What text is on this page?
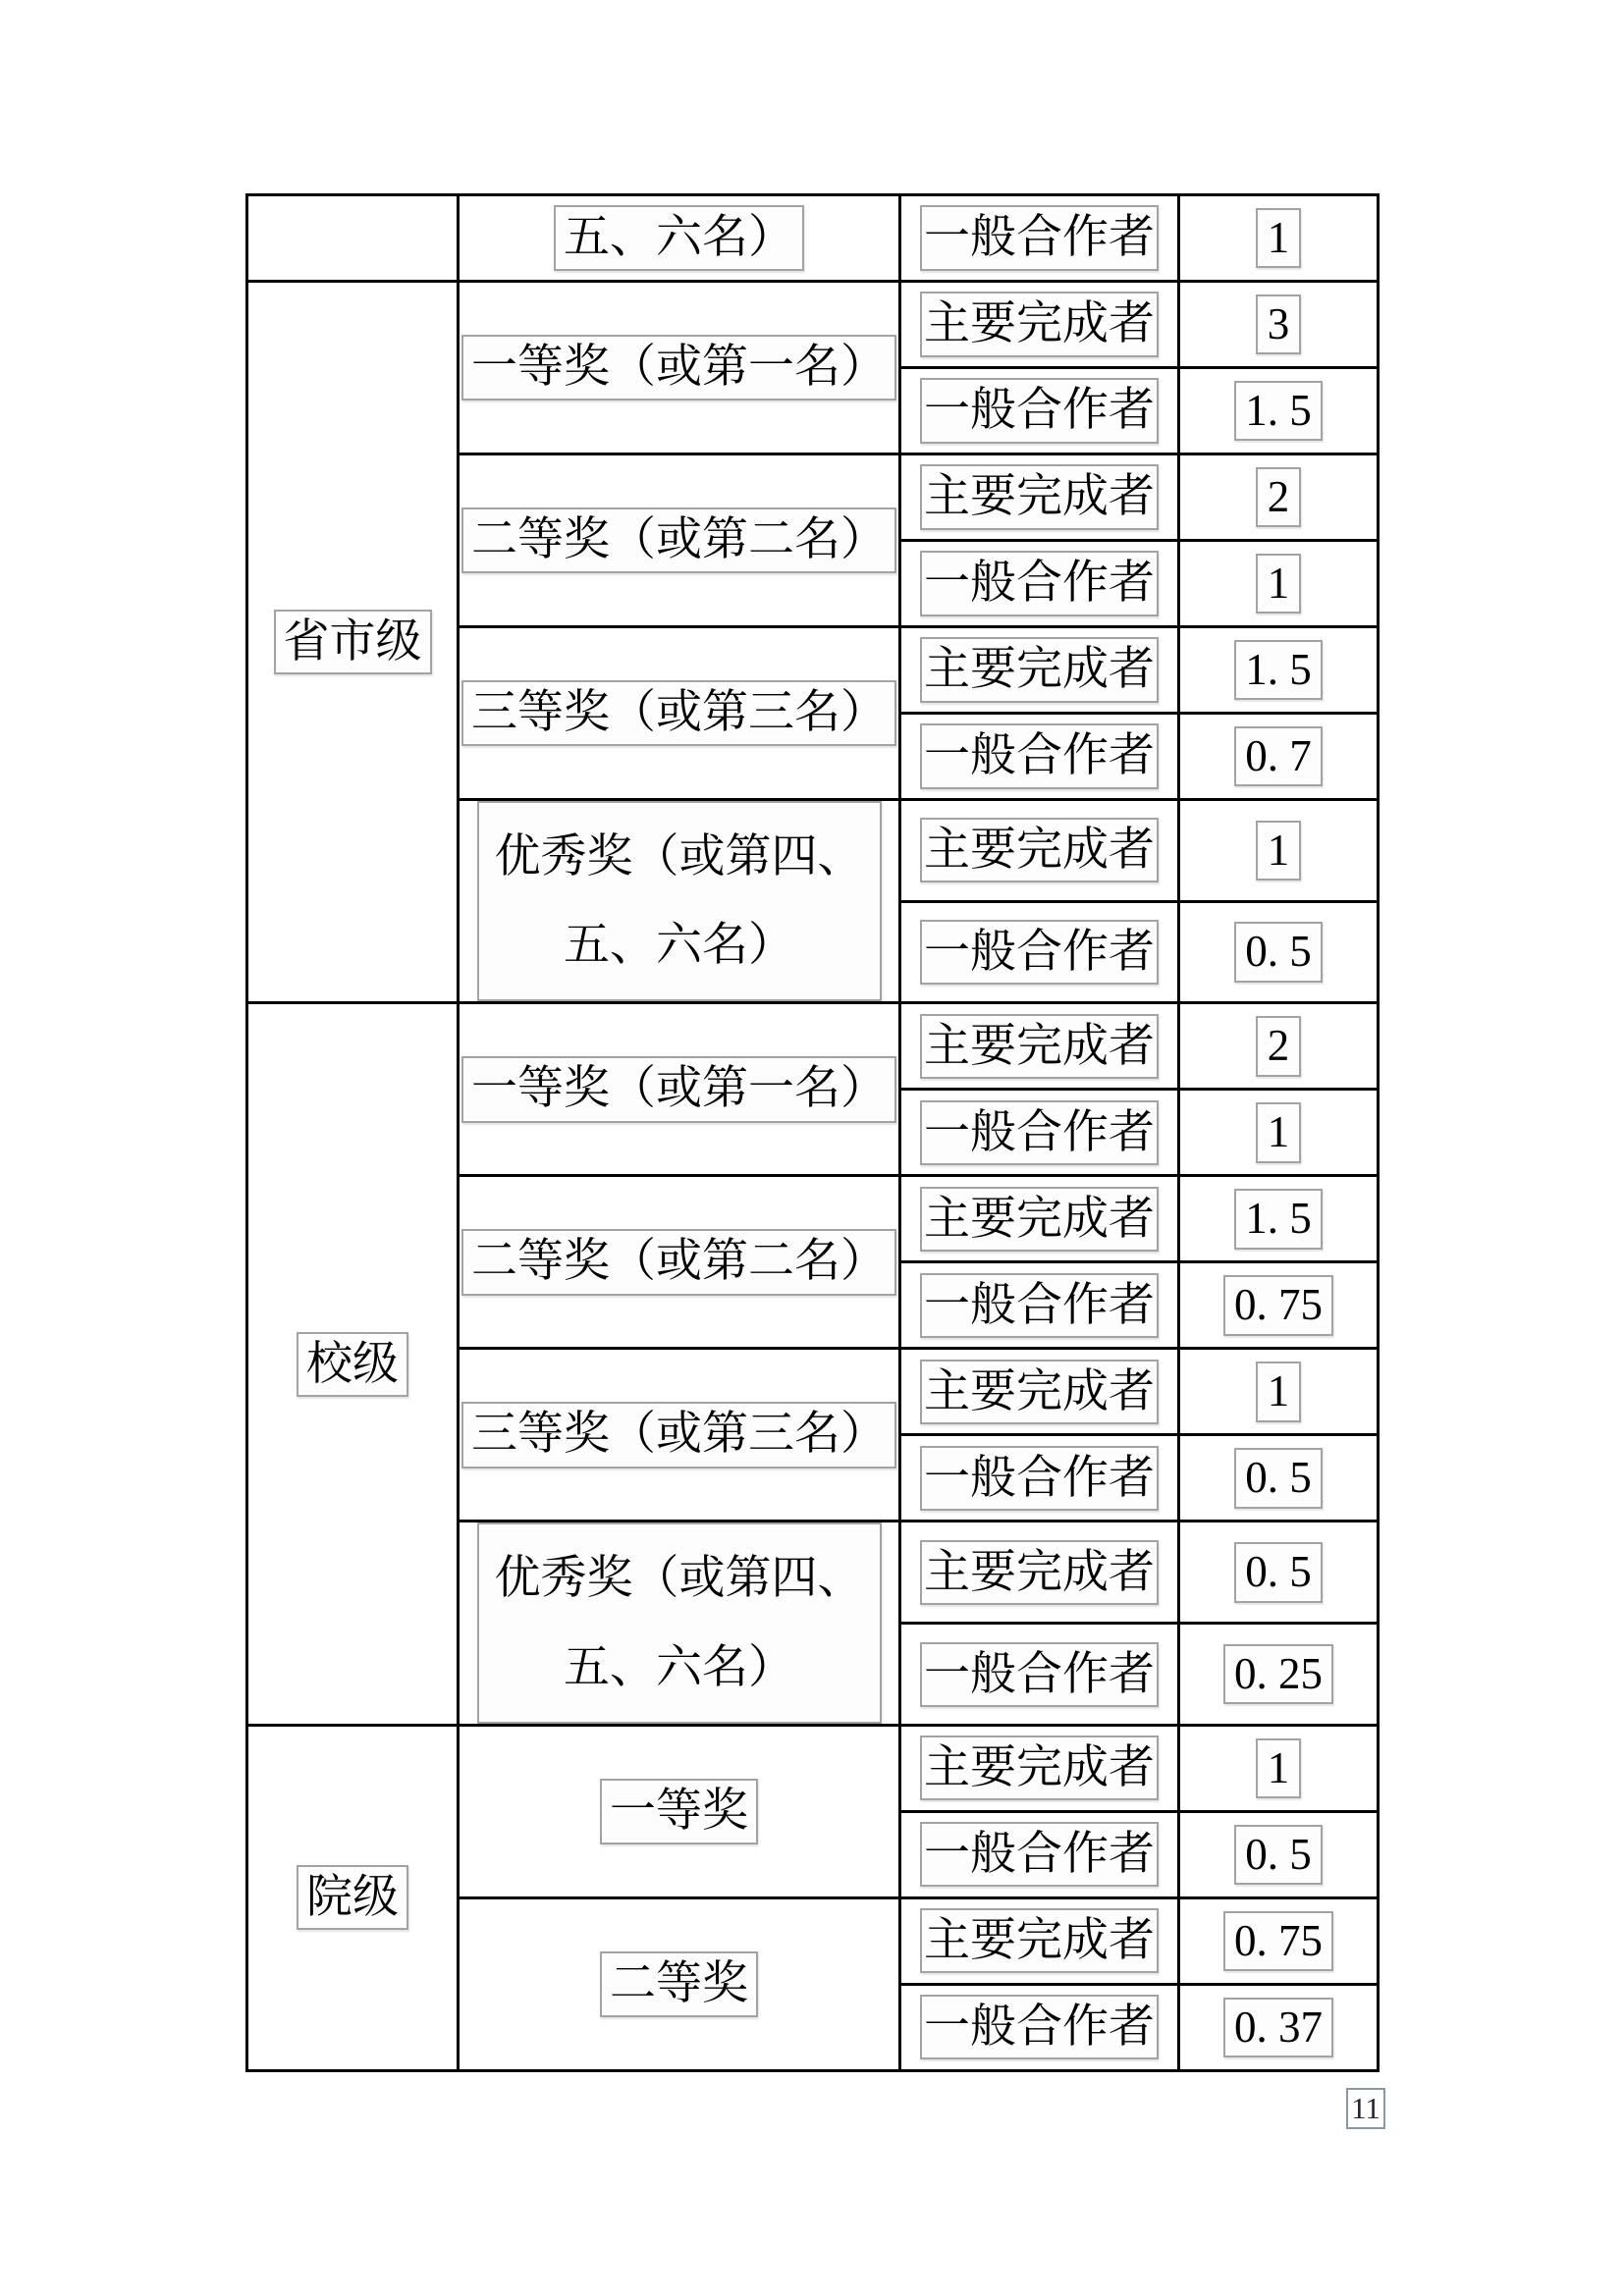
	五、六名）	一般合作者	1
省市级	一等奖（或第一名）	主要完成者	3
		一般合作者	1. 5

	二等奖（或第二名）	主要完成者	2
		一般合作者	1

	三等奖（或第三名）	主要完成者	1. 5
		一般合作者	0. 7

	优秀奖（或第四、
五、六名）	主要完成者	1
		一般合作者	0. 5
校级	一等奖（或第一名）	主要完成者	2
		一般合作者	1

	二等奖（或第二名）	主要完成者	1. 5
		一般合作者	0. 75

	三等奖（或第三名）	主要完成者	1
		一般合作者	0. 5

	优秀奖（或第四、
五、六名）	主要完成者	0. 5
		一般合作者	0. 25
院级	一等奖	主要完成者	1
		一般合作者	0. 5

	二等奖	主要完成者	0. 75
		一般合作者	0. 37
11
